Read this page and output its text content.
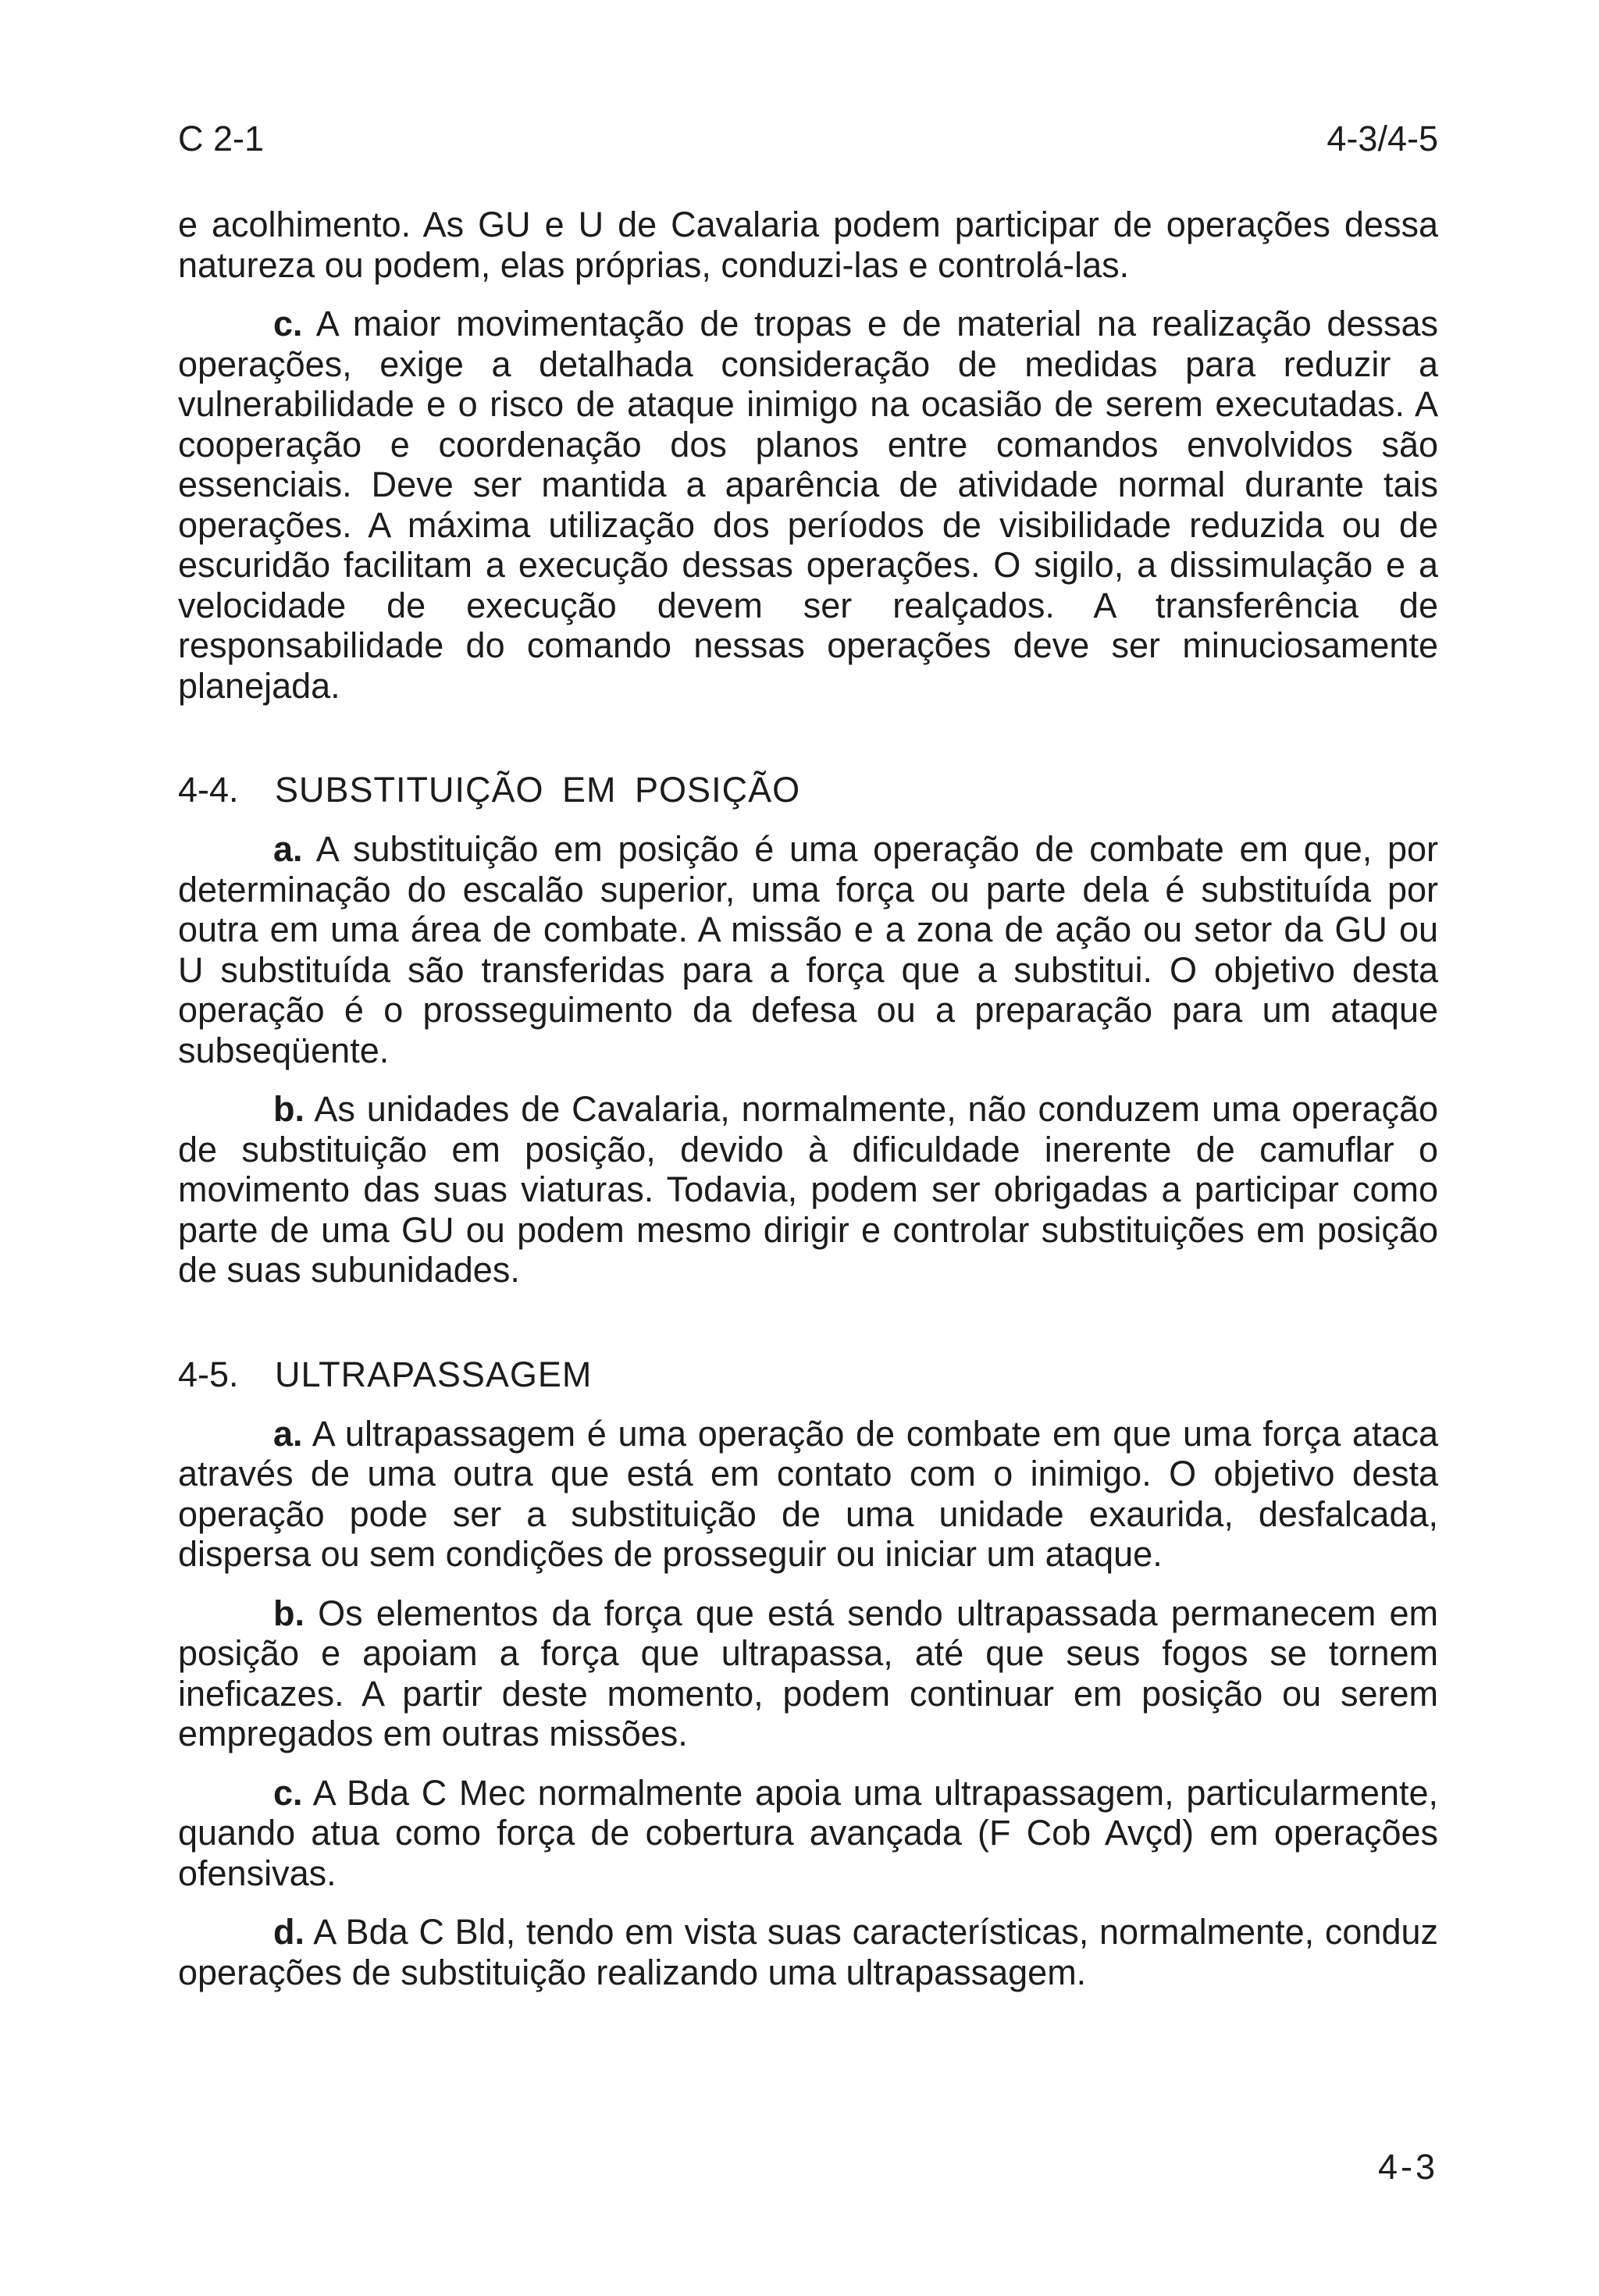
C 2-1	4-3/4-5

e acolhimento. As GU e U de Cavalaria podem participar de operações dessa natureza ou podem, elas próprias, conduzi-las e controlá-las.

c. A maior movimentação de tropas e de material na realização dessas operações, exige a detalhada consideração de medidas para reduzir a vulnerabilidade e o risco de ataque inimigo na ocasião de serem executadas. A cooperação e coordenação dos planos entre comandos envolvidos são essenciais. Deve ser mantida a aparência de atividade normal durante tais operações. A máxima utilização dos períodos de visibilidade reduzida ou de escuridão facilitam a execução dessas operações. O sigilo, a dissimulação e a velocidade de execução devem ser realçados. A transferência de responsabilidade do comando nessas operações deve ser minuciosamente planejada.

4-4. SUBSTITUIÇÃO EM POSIÇÃO

a. A substituição em posição é uma operação de combate em que, por determinação do escalão superior, uma força ou parte dela é substituída por outra em uma área de combate. A missão e a zona de ação ou setor da GU ou U substituída são transferidas para a força que a substitui. O objetivo desta operação é o prosseguimento da defesa ou a preparação para um ataque subseqüente.

b. As unidades de Cavalaria, normalmente, não conduzem uma operação de substituição em posição, devido à dificuldade inerente de camuflar o movimento das suas viaturas. Todavia, podem ser obrigadas a participar como parte de uma GU ou podem mesmo dirigir e controlar substituições em posição de suas subunidades.

4-5. ULTRAPASSAGEM

a. A ultrapassagem é uma operação de combate em que uma força ataca através de uma outra que está em contato com o inimigo. O objetivo desta operação pode ser a substituição de uma unidade exaurida, desfalcada, dispersa ou sem condições de prosseguir ou iniciar um ataque.

b. Os elementos da força que está sendo ultrapassada permanecem em posição e apoiam a força que ultrapassa, até que seus fogos se tornem ineficazes. A partir deste momento, podem continuar em posição ou serem empregados em outras missões.

c. A Bda C Mec normalmente apoia uma ultrapassagem, particularmente, quando atua como força de cobertura avançada (F Cob Avçd) em operações ofensivas.

d. A Bda C Bld, tendo em vista suas características, normalmente, conduz operações de substituição realizando uma ultrapassagem.

4-3
